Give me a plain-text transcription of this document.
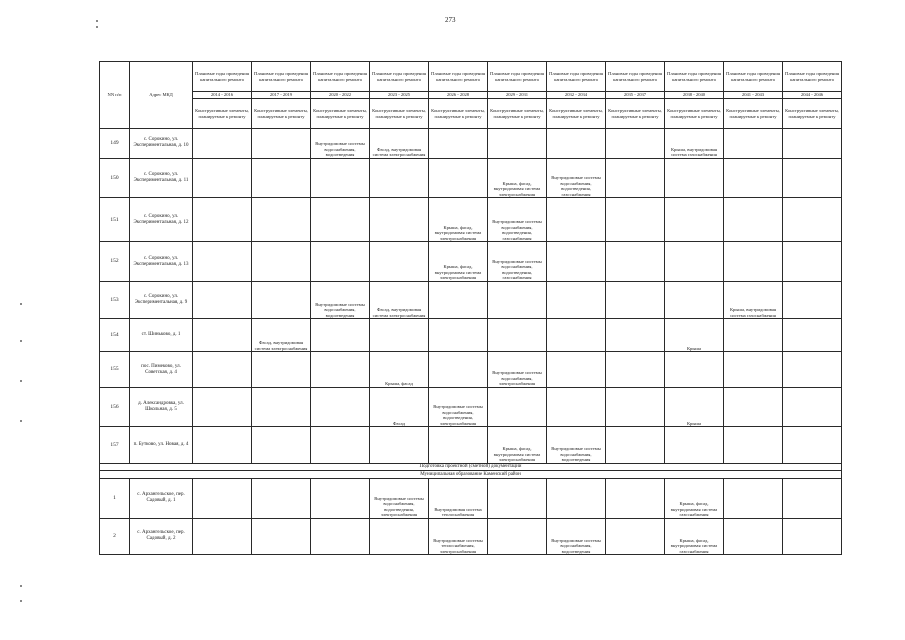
273
NN п/п	Адрес МКД	Плановые годы проведения капитального ремонта	Плановые годы проведения капитального ремонта	Плановые годы проведения капитального ремонта	Плановые годы проведения капитального ремонта	Плановые годы проведения капитального ремонта	Плановые годы проведения капитального ремонта	Плановые годы проведения капитального ремонта	Плановые годы проведения капитального ремонта	Плановые годы проведения капитального ремонта	Плановые годы проведения капитального ремонта	Плановые годы проведения капитального ремонта
		2014 - 2016	2017 - 2019	2020 - 2022	2023 - 2025	2026 - 2028	2029 - 2031	2032 - 2034	2035 - 2037	2038 - 2040	2041 - 2043	2044 - 2046
		Конструктивные элементы, планируемые к ремонту	Конструктивные элементы, планируемые к ремонту	Конструктивные элементы, планируемые к ремонту	Конструктивные элементы, планируемые к ремонту	Конструктивные элементы, планируемые к ремонту	Конструктивные элементы, планируемые к ремонту	Конструктивные элементы, планируемые к ремонту	Конструктивные элементы, планируемые к ремонту	Конструктивные элементы, планируемые к ремонту	Конструктивные элементы, планируемые к ремонту	Конструктивные элементы, планируемые к ремонту
149	с. Сорокино, ул. Экспериментальная, д. 10			Внутридомовые системы водоснабжения, водоотведения	Фасад, внутридомовая система электроснабжения					Крыша, внутридомовая система газоснабжения		
150	с. Сорокино, ул. Экспериментальная, д. 11						Крыша, фасад, внутридомовая система электроснабжения	Внутридомовые системы водоснабжения, водоотведения, газоснабжения				
151	с. Сорокино, ул. Экспериментальная, д. 12					Крыша, фасад, внутридомовая система электроснабжения	Внутридомовые системы водоснабжения, водоотведения, газоснабжения					
152	с. Сорокино, ул. Экспериментальная, д. 13					Крыша, фасад, внутридомовая система электроснабжения	Внутридомовые системы водоснабжения, водоотведения, газоснабжения					
153	с. Сорокино, ул. Экспериментальная, д. 9			Внутридомовые системы водоснабжения, водоотведения	Фасад, внутридомовая система электроснабжения						Крыша, внутридомовая система газоснабжения	
154	ст. Шиньково, д. 1		Фасад, внутридомовая система электроснабжения							Крыша		
155	пос. Пимеково, ул. Советская, д. 4				Крыша, фасад		Внутридомовые системы водоснабжения, электроснабжения					
156	д. Александровка, ул. Школьная, д. 5				Фасад	Внутридомовые системы водоснабжения, водоотведения, электроснабжения				Крыша		
157	п. Бутково, ул. Новая, д. 4						Крыша, фасад, внутридомовая система электроснабжения	Внутридомовые системы водоснабжения, водоотведения				
Подготовка проектной (сметной) документации												
Муниципальная образование Каменский район												
1	с. Архангельское, пер. Садовый, д. 1				Внутридомовые системы водоснабжения, водоотведения, электроснабжения	Внутридомовая система теплоснабжения				Крыша, фасад, внутридомовая система газоснабжения		
2	с. Архангельское, пер. Садовый, д. 2					Внутридомовые системы теплоснабжения, электроснабжения		Внутридомовые системы водоснабжения, водоотведения		Крыша, фасад, внутридомовая система газоснабжения		
